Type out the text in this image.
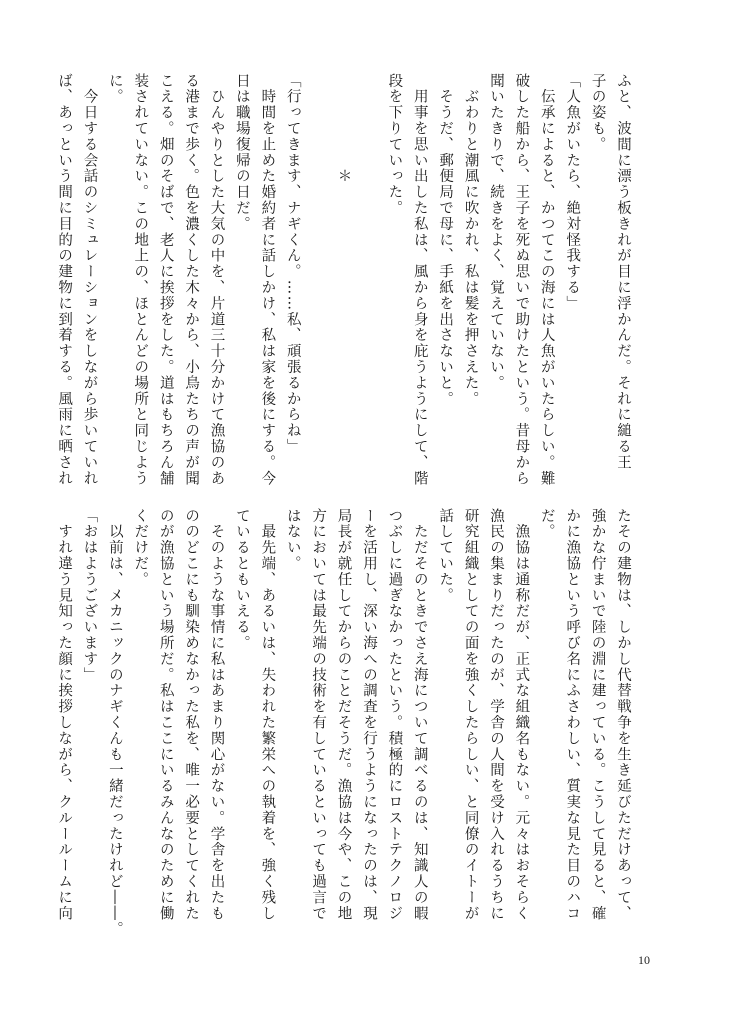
ふと、波間に漂う板きれが目に浮かんだ。それに縋る王
子の姿も。
「人魚がいたら、絶対怪我する」
　伝承によると、かつてこの海には人魚がいたらしい。難
破した船から、王子を死ぬ思いで助けたという。昔母から
聞いたきりで、続きをよく、覚えていない。
　ぶわりと潮風に吹かれ、私は髪を押さえた。
　そうだ、郵便局で母に、手紙を出さないと。
　用事を思い出した私は、風から身を庇うようにして、階
段を下りていった。

　　　　　　＊

「行ってきます、ナギくん。……私、頑張るからね」
　時間を止めた婚約者に話しかけ、私は家を後にする。今
日は職場復帰の日だ。
　ひんやりとした大気の中を、片道三十分かけて漁協のあ
る港まで歩く。色を濃くした木々から、小鳥たちの声が聞
こえる。畑のそばで、老人に挨拶をした。道はもちろん舗
装されていない。この地上の、ほとんどの場所と同じよう
に。
　今日する会話のシミュレーションをしながら歩いていれ
ば、あっという間に目的の建物に到着する。風雨に晒され
たその建物は、しかし代替戦争を生き延びただけあって、
強かな佇まいで陸の淵に建っている。こうして見ると、確
かに漁協という呼び名にふさわしい、質実な見た目のハコ
だ。
　漁協は通称だが、正式な組織名もない。元々はおそらく
漁民の集まりだったのが、学舎の人間を受け入れるうちに
研究組織としての面を強くしたらしい、と同僚のイトーが
話していた。
　ただそのときでさえ海について調べるのは、知識人の暇
つぶしに過ぎなかったという。積極的にロストテクノロジ
ーを活用し、深い海への調査を行うようになったのは、現
局長が就任してからのことだそうだ。漁協は今や、この地
方においては最先端の技術を有しているといっても過言で
はない。
　最先端、あるいは、失われた繁栄への執着を、強く残し
ているともいえる。
　そのような事情に私はあまり関心がない。学舎を出たも
ののどこにも馴染めなかった私を、唯一必要としてくれた
のが漁協という場所だ。私はここにいるみんなのために働
くだけだ。
　以前は、メカニックのナギくんも一緒だったけれど――。
「おはようございます」
　すれ違う見知った顔に挨拶しながら、クルールームに向
10
